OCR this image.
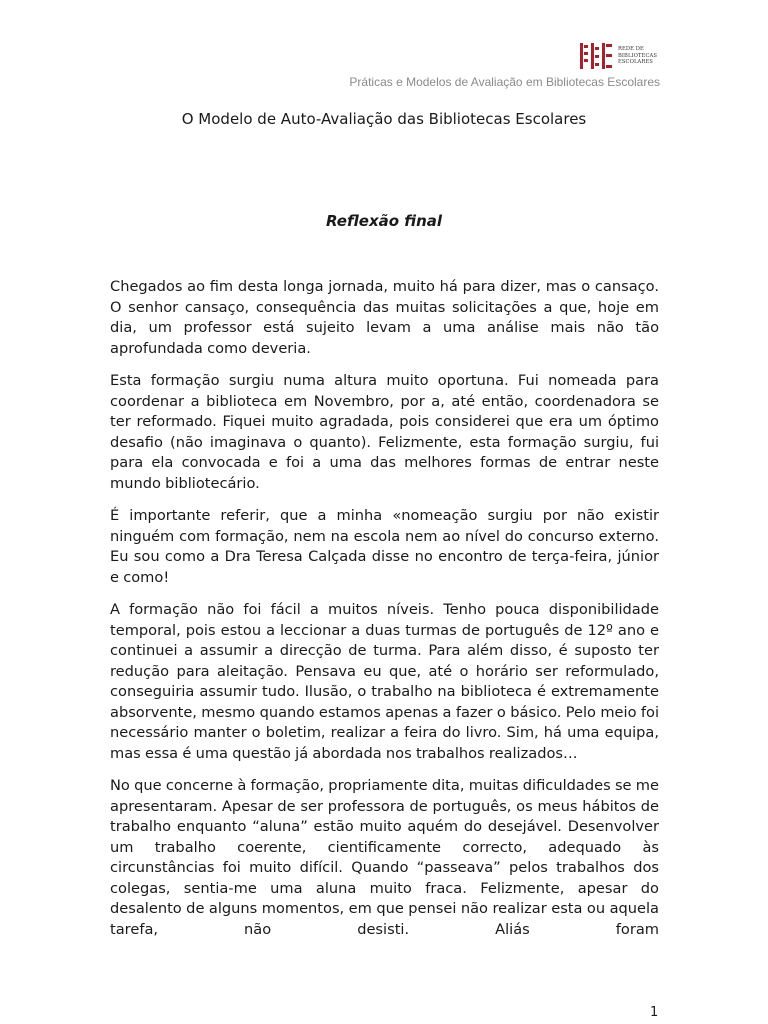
REDE DE
BIBLIOTECAS
ESCOLARES
Práticas e Modelos de Avaliação em Bibliotecas Escolares
O Modelo de Auto-Avaliação das Bibliotecas Escolares
Reflexão final

Chegados ao fim desta longa jornada, muito há para dizer, mas o cansaço. O senhor cansaço, consequência das muitas solicitações a que, hoje em dia, um professor está sujeito levam a uma análise mais não tão aprofundada como deveria.

Esta formação surgiu numa altura muito oportuna. Fui nomeada para coordenar a biblioteca em Novembro, por a, até então, coordenadora se ter reformado. Fiquei muito agradada, pois considerei que era um óptimo desafio (não imaginava o quanto). Felizmente, esta formação surgiu, fui para ela convocada e foi a uma das melhores formas de entrar neste mundo bibliotecário.

É importante referir, que a minha «nomeação surgiu por não existir ninguém com formação, nem na escola nem ao nível do concurso externo. Eu sou como a Dra Teresa Calçada disse no encontro de terça-feira, júnior e como!

A formação não foi fácil a muitos níveis. Tenho pouca disponibilidade temporal, pois estou a leccionar a duas turmas de português de 12º ano e continuei a assumir a direcção de turma. Para além disso, é suposto ter redução para aleitação. Pensava eu que, até o horário ser reformulado, conseguiria assumir tudo. Ilusão, o trabalho na biblioteca é extremamente absorvente, mesmo quando estamos apenas a fazer o básico. Pelo meio foi necessário manter o boletim, realizar a feira do livro. Sim, há uma equipa, mas essa é uma questão já abordada nos trabalhos realizados…

No que concerne à formação, propriamente dita, muitas dificuldades se me apresentaram. Apesar de ser professora de português, os meus hábitos de trabalho enquanto “aluna” estão muito aquém do desejável. Desenvolver um trabalho coerente, cientificamente correcto, adequado às circunstâncias foi muito difícil. Quando “passeava” pelos trabalhos dos colegas, sentia-me uma aluna muito fraca. Felizmente, apesar do desalento de alguns momentos, em que pensei não realizar esta ou aquela tarefa, não desisti. Aliás foram

1
